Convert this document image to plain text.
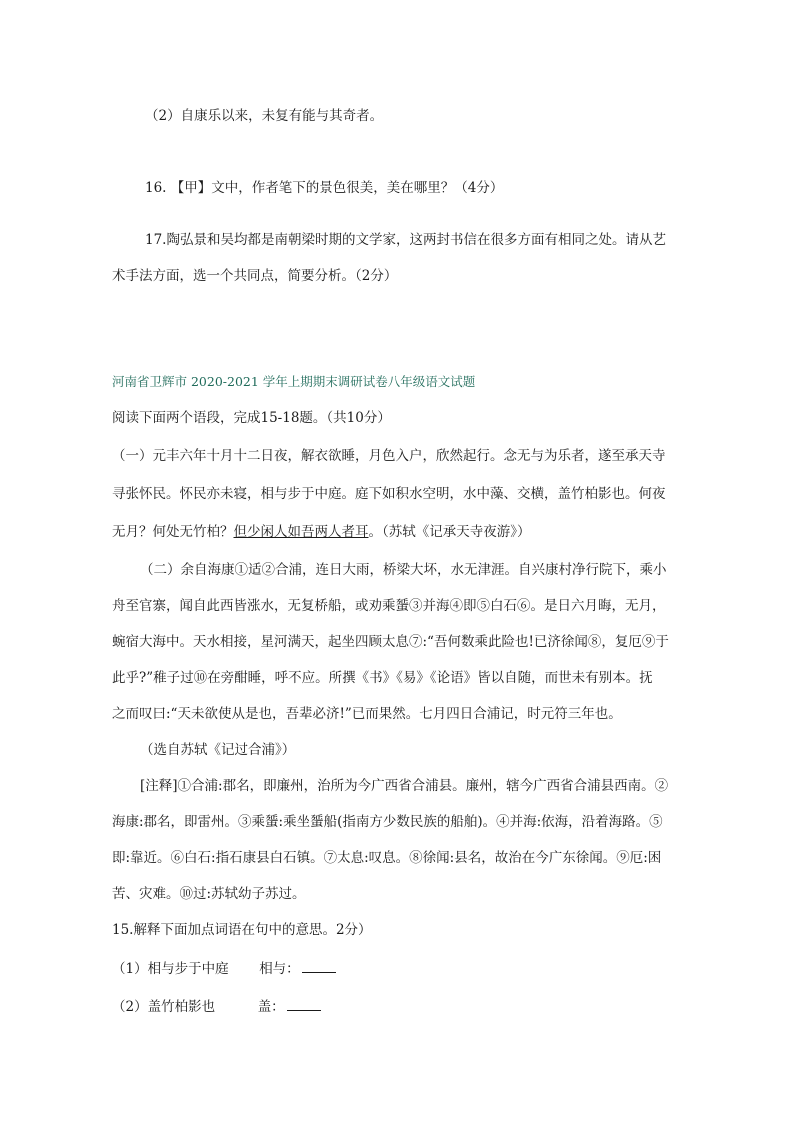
（2）自康乐以来，未复有能与其奇者。
16. 【甲】文中，作者笔下的景色很美，美在哪里？（4分）
17.陶弘景和吴均都是南朝梁时期的文学家，这两封书信在很多方面有相同之处。请从艺
术手法方面，选一个共同点，简要分析。（2分）
河南省卫辉市 2020-2021 学年上期期末调研试卷八年级语文试题
阅读下面两个语段，完成15-18题。（共10分）
（一）元丰六年十月十二日夜，解衣欲睡，月色入户，欣然起行。念无与为乐者，遂至承天寺
寻张怀民。怀民亦未寝，相与步于中庭。庭下如积水空明，水中藻、交横，盖竹柏影也。何夜
无月？何处无竹柏？但少闲人如吾两人者耳。（苏轼《记承天寺夜游》）
（二）余自海康①适②合浦，连日大雨，桥梁大坏，水无津涯。自兴康村净行院下，乘小
舟至官寨，闻自此西皆涨水，无复桥船，或劝乘蜑③并海④即⑤白石⑥。是日六月晦，无月，
蜿宿大海中。天水相接，星河满天，起坐四顾太息⑦:“吾何数乘此险也!已济徐闻⑧，复厄⑨于
此乎?”稚子过⑩在旁酣睡，呼不应。所撰《书》《易》《论语》皆以自随，而世未有别本。抚
之而叹曰:“天未欲使从是也，吾辈必济!”已而果然。七月四日合浦记，时元符三年也。
（选自苏轼《记过合浦》）
[注释]①合浦:郡名，即廉州，治所为今广西省合浦县。廉州，辖今广西省合浦县西南。②
海康:郡名，即雷州。③乘蜑:乘坐蜑船(指南方少数民族的船舶)。④并海:依海，沿着海路。⑤
即:靠近。⑥白石:指石康县白石镇。⑦太息:叹息。⑧徐闻:县名，故治在今广东徐闻。⑨厄:困
苦、灾难。⑩过:苏轼幼子苏过。
15.解释下面加点词语在句中的意思。2分）
（1）相与步于中庭 相与：
（2）盖竹柏影也	盖：
